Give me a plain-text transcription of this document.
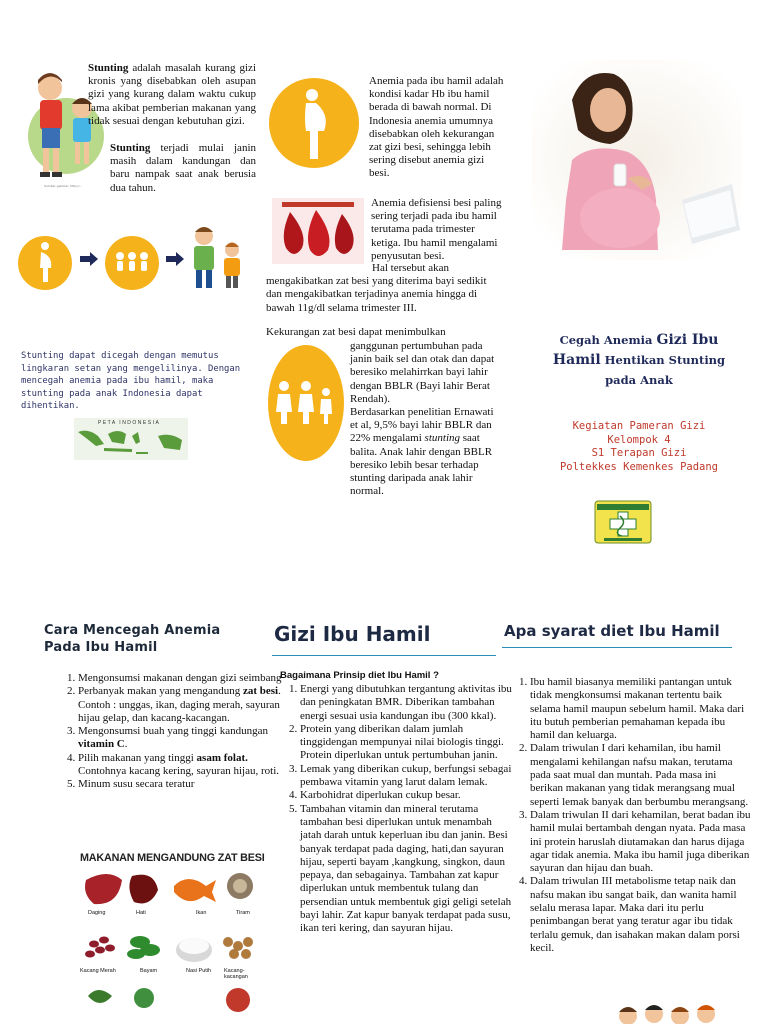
Sumber gambar: http://...
Stunting adalah masalah kurang gizi kronis yang disebabkan oleh asupan gizi yang kurang dalam waktu cukup lama akibat pemberian makanan yang tidak sesuai dengan kebutuhan gizi.
Stunting terjadi mulai janin masih dalam kandungan dan baru nampak saat anak berusia dua tahun.
Stunting dapat dicegah dengan memutus lingkaran setan yang mengelilinya. Dengan mencegah anemia pada ibu hamil, maka stunting pada anak Indonesia dapat dihentikan.
PETA INDONESIA
Anemia pada ibu hamil adalah kondisi kadar Hb ibu hamil berada di bawah normal. Di Indonesia anemia umumnya disebabkan oleh kekurangan zat gizi besi, sehingga lebih sering disebut anemia gizi besi.
Anemia defisiensi besi paling sering terjadi pada ibu hamil terutama pada trimester ketiga. Ibu hamil mengalami penyusutan besi.
Hal tersebut akan mengakibatkan zat besi yang diterima bayi sedikit dan mengakibatkan terjadinya anemia hingga di bawah 11g/dl selama trimester III.
Kekurangan zat besi dapat menimbulkan
ganggunan pertumbuhan pada janin baik sel dan otak dan dapat beresiko melahirrkan bayi lahir dengan BBLR (Bayi lahir Berat Rendah).
Berdasarkan penelitian Ernawati et al, 9,5% bayi lahir BBLR dan 22% mengalami stunting saat balita. Anak lahir dengan BBLR beresiko lebih besar terhadap stunting daripada anak lahir normal.
Cegah Anemia Gizi Ibu
Hamil Hentikan Stunting
pada Anak
Kegiatan Pameran Gizi
Kelompok 4
S1 Terapan Gizi
Poltekkes Kemenkes Padang
Cara Mencegah Anemia Pada Ibu Hamil
1. Mengonsumsi makanan dengan gizi seimbang
2. Perbanyak makan yang mengandung zat besi. Contoh : unggas, ikan, daging merah, sayuran hijau gelap, dan kacang-kacangan.
3. Mengonsumsi buah yang tinggi kandungan vitamin C.
4. Pilih makanan yang tinggi asam folat. Contohnya kacang kering, sayuran hijau, roti.
5. Minum susu secara teratur
MAKANAN MENGANDUNG ZAT BESI
Daging	Hati	Ikan	Tiram
Kacang Merah	Bayam	Nasi Putih Kacang-kacangan
Gizi Ibu Hamil
Bagaimana Prinsip diet Ibu Hamil ?
1. Energi yang dibutuhkan tergantung aktivitas ibu dan peningkatan BMR. Diberikan tambahan energi sesuai usia kandungan ibu (300 kkal).
2. Protein yang diberikan dalam jumlah tinggidengan mempunyai nilai biologis tinggi. Protein diperlukan untuk pertumbuhan janin.
3. Lemak yang diberikan cukup, berfungsi sebagai pembawa vitamin yang larut dalam lemak.
4. Karbohidrat diperlukan cukup besar.
5. Tambahan vitamin dan mineral terutama tambahan besi diperlukan untuk menambah jatah darah untuk keperluan ibu dan janin. Besi banyak terdapat pada daging, hati,dan sayuran hijau, seperti bayam ,kangkung, singkon, daun pepaya, dan sebagainya. Tambahan zat kapur diperlukan untuk membentuk tulang dan persendian untuk membentuk gigi geligi setelah bayi lahir. Zat kapur banyak terdapat pada susu, ikan teri kering, dan sayuran hijau.
Apa syarat diet Ibu Hamil
1. Ibu hamil biasanya memiliki pantangan untuk tidak mengkonsumsi makanan tertentu baik selama hamil maupun sebelum hamil. Maka dari itu butuh pemberian pemahaman kepada ibu hamil dan keluarga.
2. Dalam triwulan I dari kehamilan, ibu hamil mengalami kehilangan nafsu makan, terutama pada saat mual dan muntah. Pada masa ini berikan makanan yang tidak merangsang mual seperti lemak banyak dan berbumbu merangsang.
3. Dalam triwulan II dari kehamilan, berat badan ibu hamil mulai bertambah dengan nyata. Pada masa ini protein haruslah diutamakan dan harus dijaga agar tidak anemia. Maka ibu hamil juga diberikan sayuran dan hijau dan buah.
4. Dalam triwulan III metabolisme tetap naik dan nafsu makan ibu sangat baik, dan wanita hamil selalu merasa lapar. Maka dari itu perlu penimbangan berat yang teratur agar ibu tidak terlalu gemuk, dan isahakan makan dalam porsi kecil.
